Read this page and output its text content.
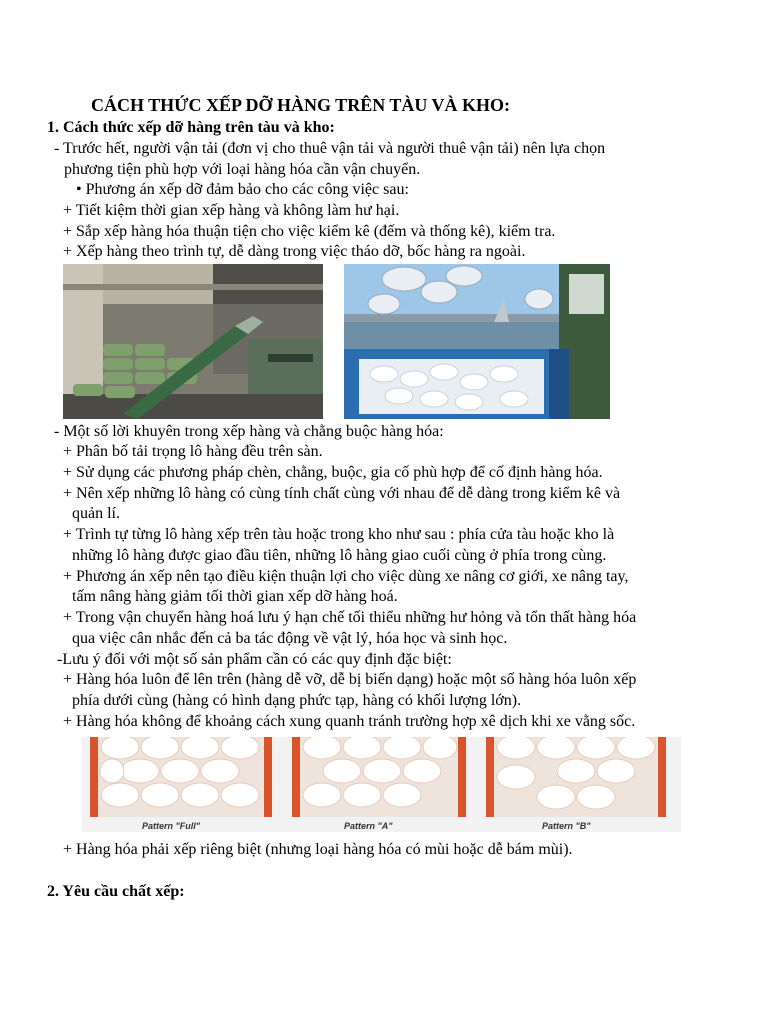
CÁCH THỨC XẾP DỠ HÀNG TRÊN TÀU VÀ KHO:
1. Cách thức xếp dỡ hàng trên tàu và kho:
- Trước hết, người vận tải (đơn vị cho thuê vận tải và người thuê vận tải) nên lựa chọn
phương tiện phù hợp với loại hàng hóa cần vận chuyển.
• Phương án xếp dỡ đảm bảo cho các công việc sau:
+ Tiết kiệm thời gian xếp hàng và không làm hư hại.
+ Sắp xếp hàng hóa thuận tiện cho việc kiểm kê (đếm và thống kê), kiểm tra.
+ Xếp hàng theo trình tự, dễ dàng trong việc tháo dỡ, bốc hàng ra ngoài.
- Một số lời khuyên trong xếp hàng và chằng buộc hàng hóa:
+ Phân bố tải trọng lô hàng đều trên sàn.
+ Sử dụng các phương pháp chèn, chằng, buộc, gia cố phù hợp để cố định hàng hóa.
+ Nên xếp những lô hàng có cùng tính chất cùng với nhau để dễ dàng trong kiểm kê và
quản lí.
+ Trình tự từng lô hàng xếp trên tàu hoặc trong kho như sau : phía cửa tàu hoặc kho là
những lô hàng được giao đầu tiên, những lô hàng giao cuối cùng ở phía trong cùng.
+ Phương án xếp nên tạo điều kiện thuận lợi cho việc dùng xe nâng cơ giới, xe nâng tay,
tấm nâng hàng giảm tối thời gian xếp dỡ hàng hoá.
+ Trong vận chuyển hàng hoá lưu ý hạn chế tối thiểu những hư hỏng và tổn thất hàng hóa
qua việc cân nhắc đến cả ba tác động về vật lý, hóa học và sinh học.
-Lưu ý đối với một số sản phẩm cần có các quy định đặc biệt:
+ Hàng hóa luôn để lên trên (hàng dễ vỡ, dễ bị biến dạng) hoặc một số hàng hóa luôn xếp
phía dưới cùng (hàng có hình dạng phức tạp, hàng có khối lượng lớn).
+ Hàng hóa không để khoảng cách xung quanh tránh trường hợp xê dịch khi xe vằng sốc.
Pattern "Full"	Pattern "A"	Pattern "B"
+ Hàng hóa phải xếp riêng biệt (nhưng loại hàng hóa có mùi hoặc dễ bám mùi).
2. Yêu cầu chất xếp:
